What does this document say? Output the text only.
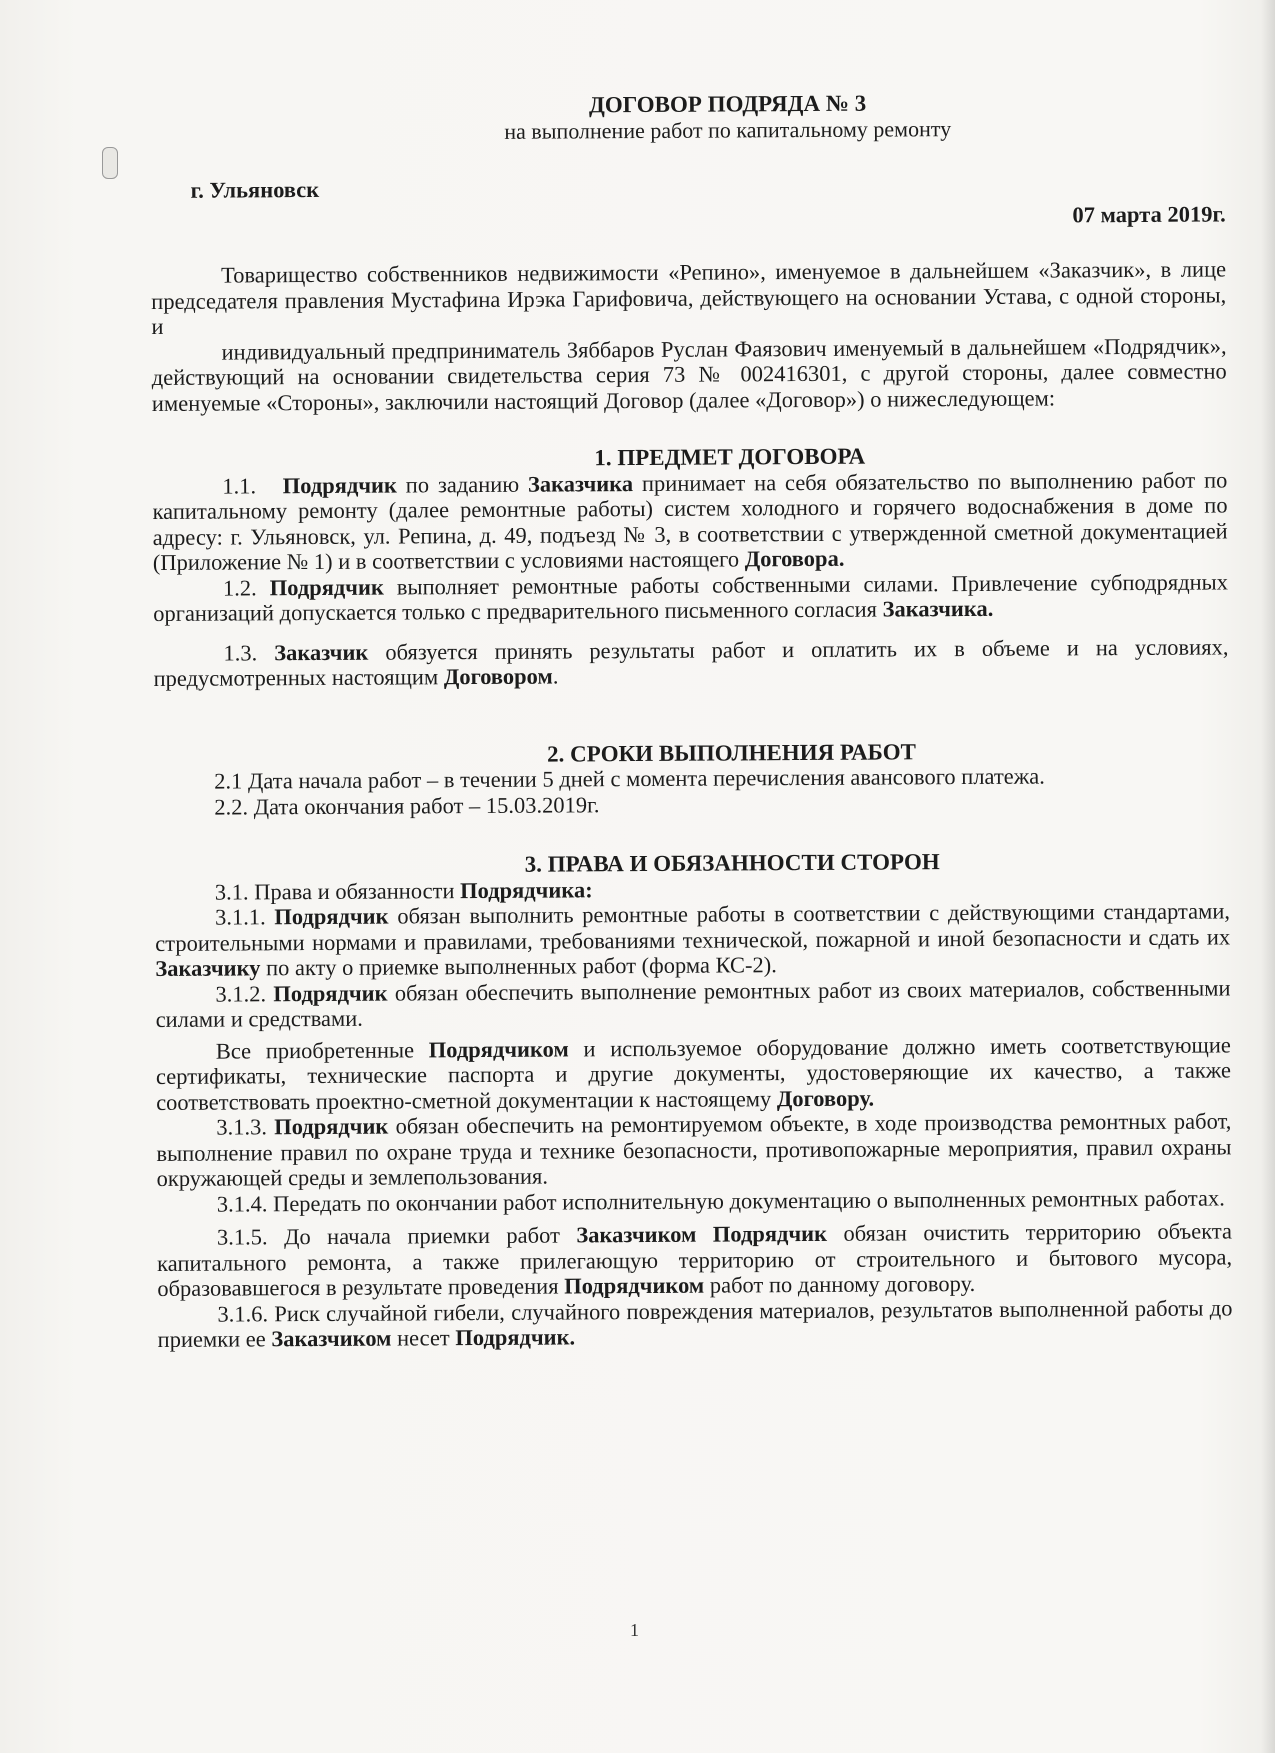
ДОГОВОР ПОДРЯДА № 3

на выполнение работ по капитальному ремонту

г. Ульяновск

07 марта 2019г.

Товарищество собственников недвижимости «Репино», именуемое в дальнейшем «Заказчик», в лице председателя правления Мустафина Ирэка Гарифовича, действующего на основании Устава, с одной стороны, и

индивидуальный предприниматель Зяббаров Руслан Фаязович именуемый в дальнейшем «Подрядчик», действующий на основании свидетельства серия 73 № 002416301, с другой стороны, далее совместно именуемые «Стороны», заключили настоящий Договор (далее «Договор») о нижеследующем:

1. ПРЕДМЕТ ДОГОВОРА

1.1. Подрядчик по заданию Заказчика принимает на себя обязательство по выполнению работ по капитальному ремонту (далее ремонтные работы) систем холодного и горячего водоснабжения в доме по адресу: г. Ульяновск, ул. Репина, д. 49, подъезд № 3, в соответствии с утвержденной сметной документацией (Приложение № 1) и в соответствии с условиями настоящего Договора.

1.2. Подрядчик выполняет ремонтные работы собственными силами. Привлечение субподрядных организаций допускается только с предварительного письменного согласия Заказчика.

1.3. Заказчик обязуется принять результаты работ и оплатить их в объеме и на условиях, предусмотренных настоящим Договором.

2. СРОКИ ВЫПОЛНЕНИЯ РАБОТ

2.1 Дата начала работ – в течении 5 дней с момента перечисления авансового платежа.

2.2. Дата окончания работ – 15.03.2019г.

3. ПРАВА И ОБЯЗАННОСТИ СТОРОН

3.1. Права и обязанности Подрядчика:

3.1.1. Подрядчик обязан выполнить ремонтные работы в соответствии с действующими стандартами, строительными нормами и правилами, требованиями технической, пожарной и иной безопасности и сдать их Заказчику по акту о приемке выполненных работ (форма КС-2).

3.1.2. Подрядчик обязан обеспечить выполнение ремонтных работ из своих материалов, собственными силами и средствами.

Все приобретенные Подрядчиком и используемое оборудование должно иметь соответствующие сертификаты, технические паспорта и другие документы, удостоверяющие их качество, а также соответствовать проектно-сметной документации к настоящему Договору.

3.1.3. Подрядчик обязан обеспечить на ремонтируемом объекте, в ходе производства ремонтных работ, выполнение правил по охране труда и технике безопасности, противопожарные мероприятия, правил охраны окружающей среды и землепользования.

3.1.4. Передать по окончании работ исполнительную документацию о выполненных ремонтных работах.

3.1.5. До начала приемки работ Заказчиком Подрядчик обязан очистить территорию объекта капитального ремонта, а также прилегающую территорию от строительного и бытового мусора, образовавшегося в результате проведения Подрядчиком работ по данному договору.

3.1.6. Риск случайной гибели, случайного повреждения материалов, результатов выполненной работы до приемки ее Заказчиком несет Подрядчик.

1
